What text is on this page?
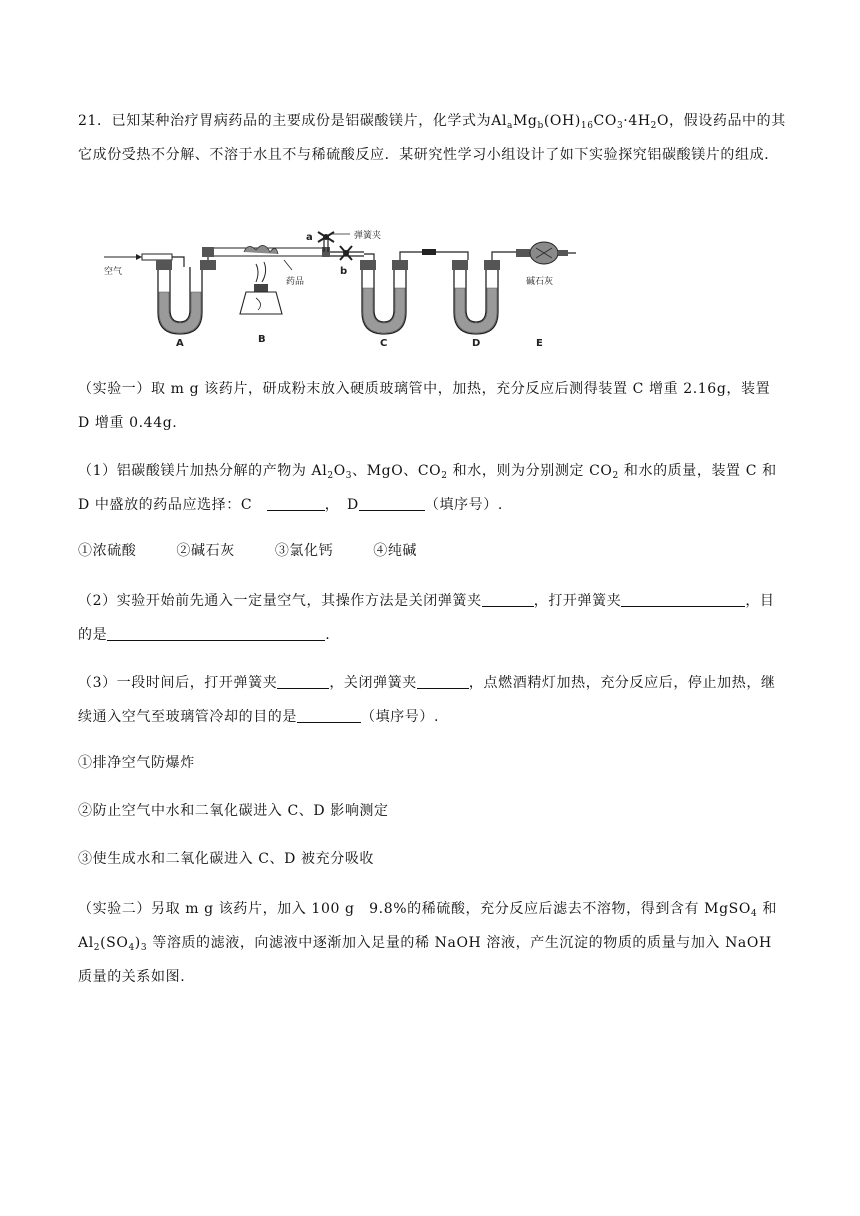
21．已知某种治疗胃病药品的主要成份是铝碳酸镁片，化学式为$Al_aMg_b(OH)_{16}CO_3\cdot 4H_2O$，假设药品中的其它成份受热不分解、不溶于水且不与稀硫酸反应．某研究性学习小组设计了如下实验探究铝碳酸镁片的组成．
空气
A
药品
B
a	弹簧夹
b
C	D
碱石灰
E
（实验一）取 m g 该药片，研成粉末放入硬质玻璃管中，加热，充分反应后测得装置 C 增重 2.16g，装置 D 增重 0.44g.
（1）铝碳酸镁片加热分解的产物为 $Al_2O_3$、MgO、$CO_2$ 和水，则为分别测定 $CO_2$ 和水的质量，装置 C 和 D 中盛放的药品应选择：C　	，　 D	（填序号）.
①浓硫酸	②碱石灰	③氯化钙	④纯碱
（2）实验开始前先通入一定量空气，其操作方法是关闭弹簧夹	，打开弹簧夹	，目的是	.
（3）一段时间后，打开弹簧夹	，关闭弹簧夹	，点燃酒精灯加热，充分反应后，停止加热，继续通入空气至玻璃管冷却的目的是	（填序号）.
①排净空气防爆炸
②防止空气中水和二氧化碳进入 C、D 影响测定
③使生成水和二氧化碳进入 C、D 被充分吸收
（实验二）另取 m g 该药片，加入 100 g　9.8%的稀硫酸，充分反应后滤去不溶物，得到含有 MgSO$_4$ 和 $Al_2(SO_4)_3$ 等溶质的滤液，向滤液中逐渐加入足量的稀 NaOH 溶液，产生沉淀的物质的质量与加入 NaOH 质量的关系如图.
